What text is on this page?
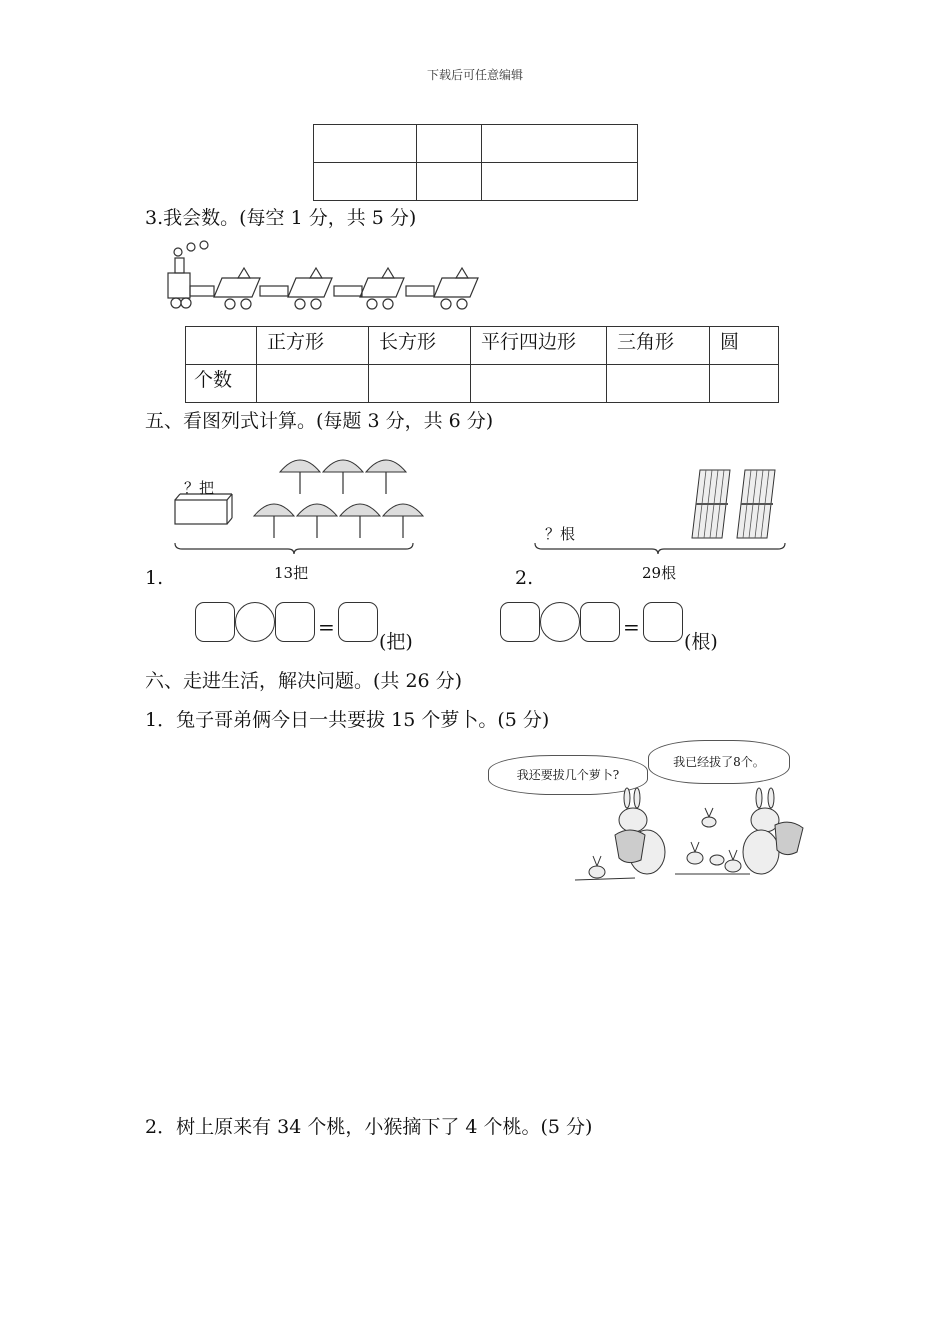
下载后可任意编辑

3.我会数。(每空 1 分，共 5 分)
	正方形	长方形	平行四边形	三角形	圆
个数					
五、看图列式计算。(每题 3 分，共 6 分)
？把
13把
1.
？根
29根
2.
=
(把)
=
(根)
六、走进生活，解决问题。(共 26 分)
1．兔子哥弟俩今日一共要拔 15 个萝卜。(5 分)
我还要拔几个萝卜?
我已经拔了8个。
2．树上原来有 34 个桃，小猴摘下了 4 个桃。(5 分)
